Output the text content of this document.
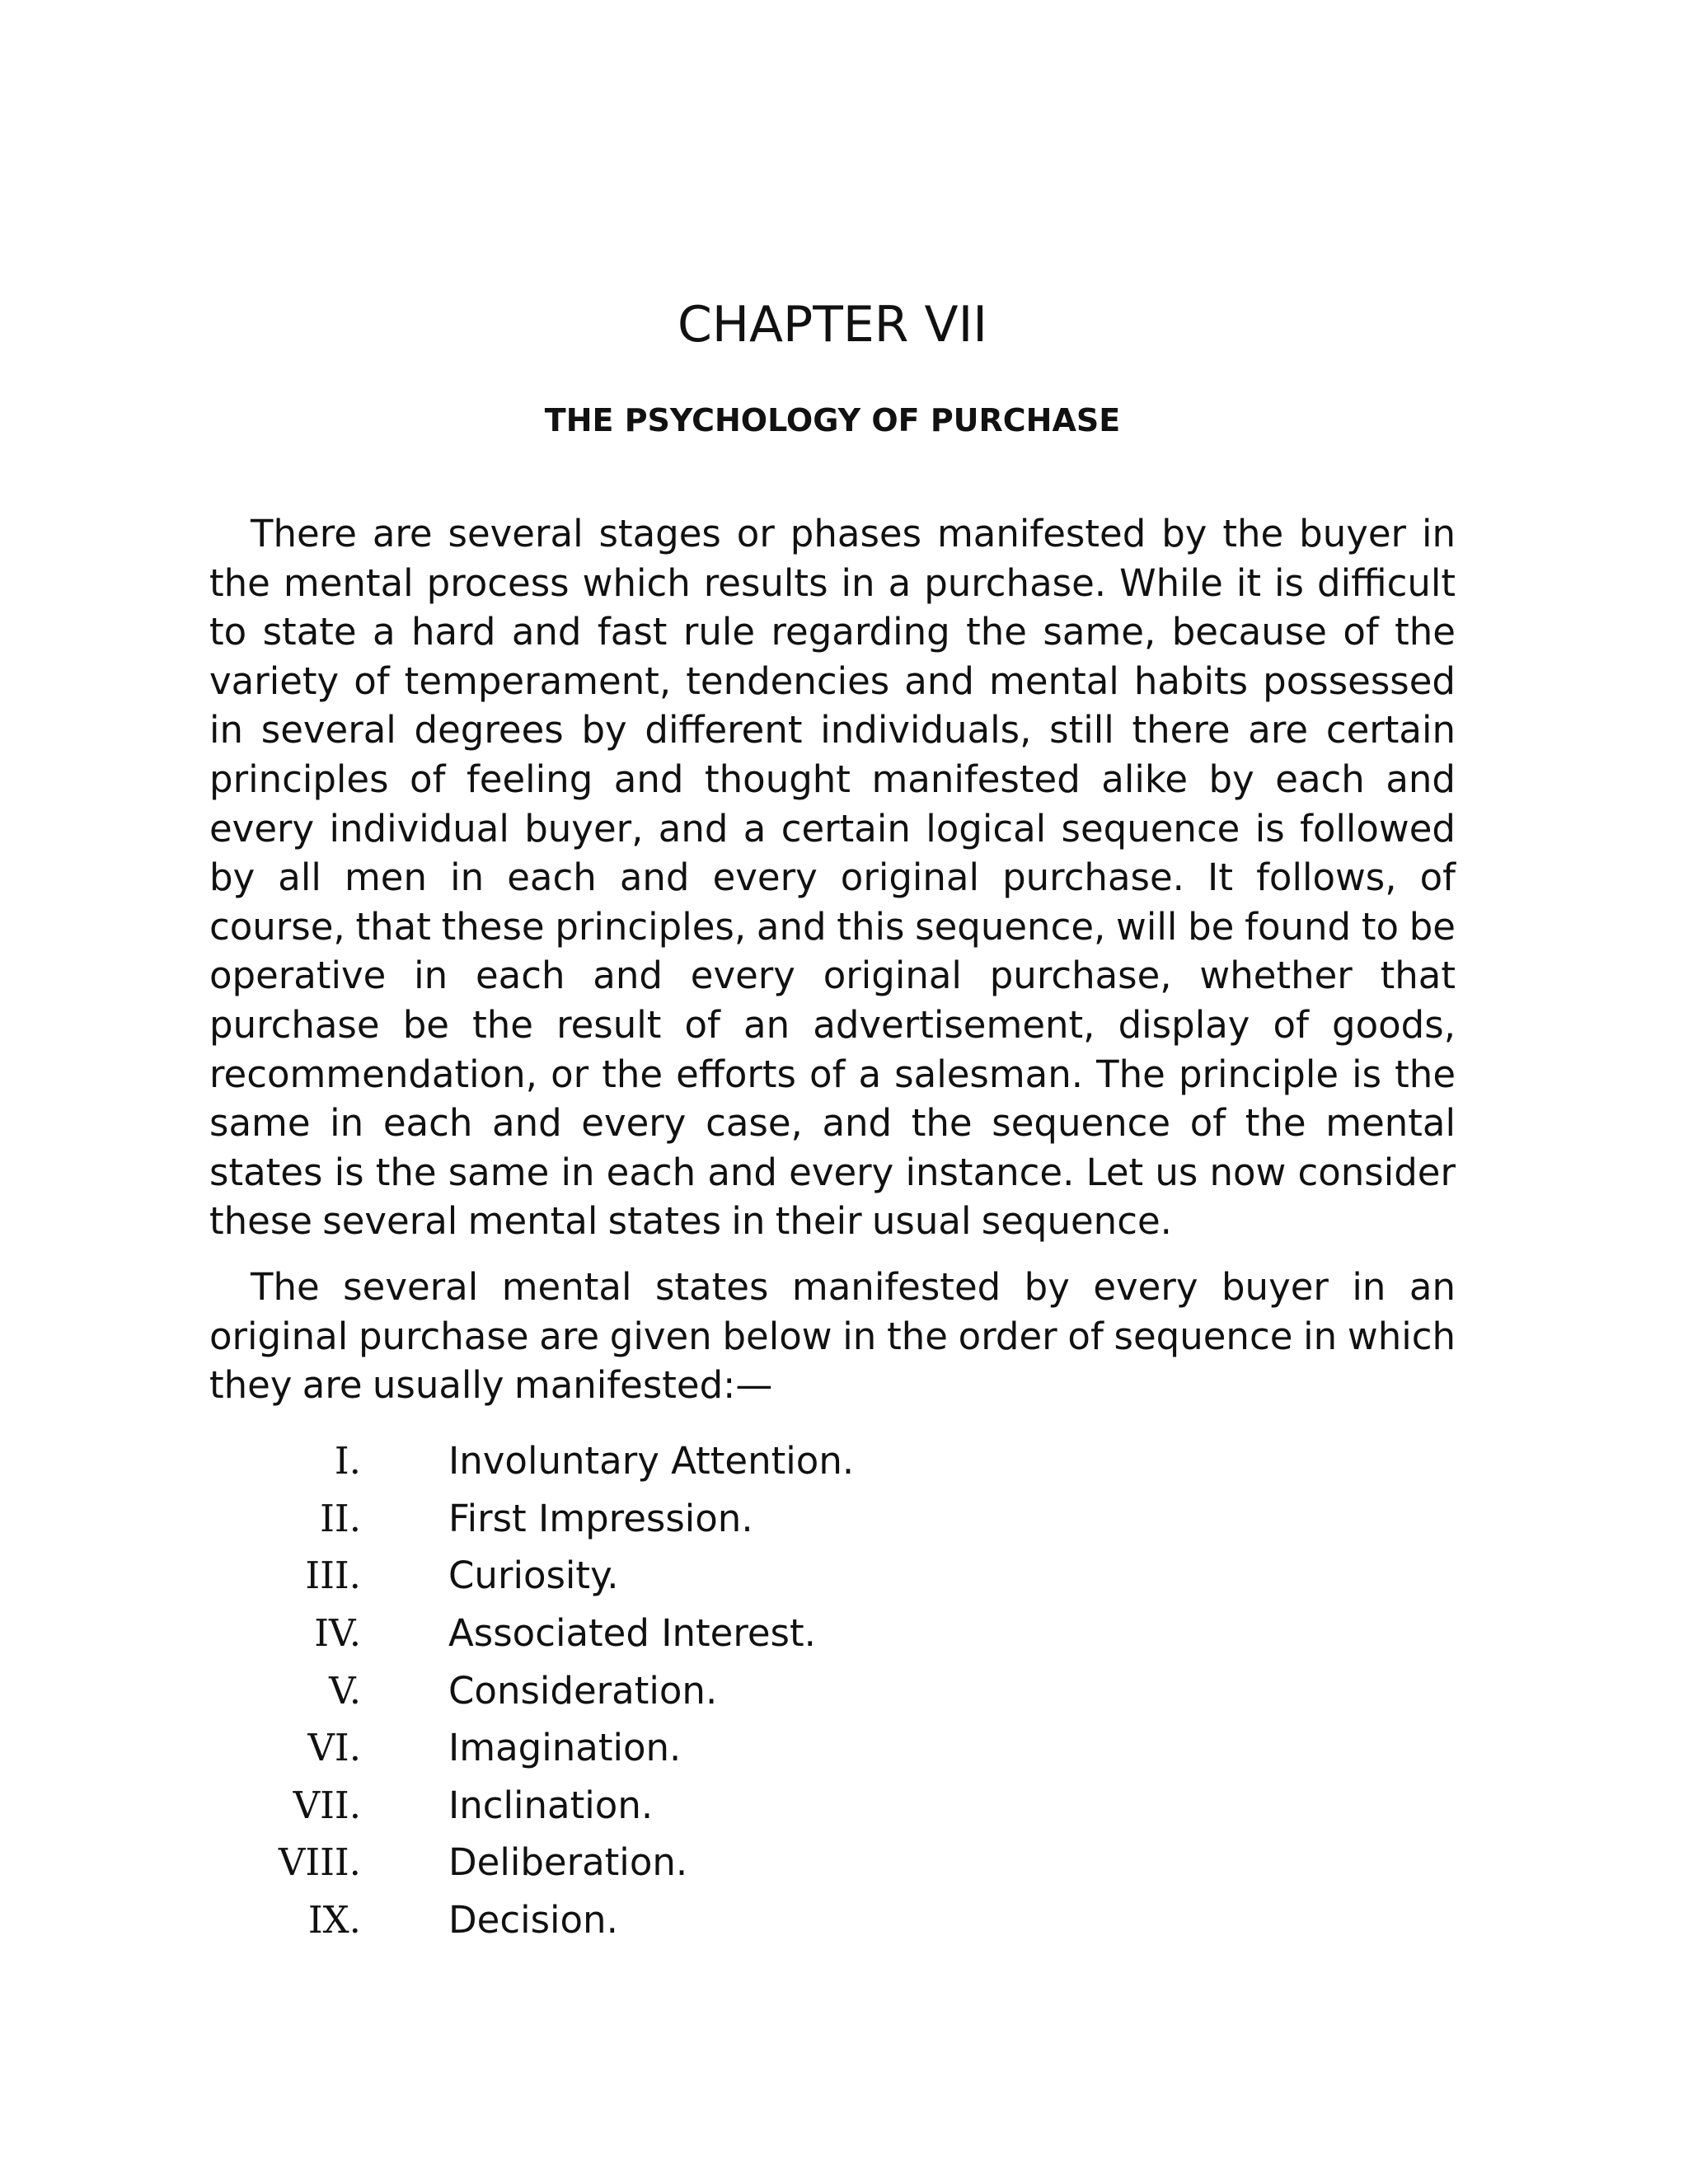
CHAPTER VII
THE PSYCHOLOGY OF PURCHASE

There are several stages or phases manifested by the buyer in the mental process which results in a purchase. While it is difficult to state a hard and fast rule regarding the same, because of the variety of temperament, tendencies and mental habits possessed in several degrees by different individuals, still there are certain principles of feeling and thought manifested alike by each and every individual buyer, and a certain logical sequence is followed by all men in each and every original purchase. It follows, of course, that these principles, and this sequence, will be found to be operative in each and every original purchase, whether that purchase be the result of an advertisement, display of goods, recommendation, or the efforts of a salesman. The principle is the same in each and every case, and the sequence of the mental states is the same in each and every instance. Let us now consider these several mental states in their usual sequence.

The several mental states manifested by every buyer in an original purchase are given below in the order of sequence in which they are usually manifested:—

I. Involuntary Attention.
II. First Impression.
III. Curiosity.
IV. Associated Interest.
V. Consideration.
VI. Imagination.
VII. Inclination.
VIII. Deliberation.
IX. Decision.
